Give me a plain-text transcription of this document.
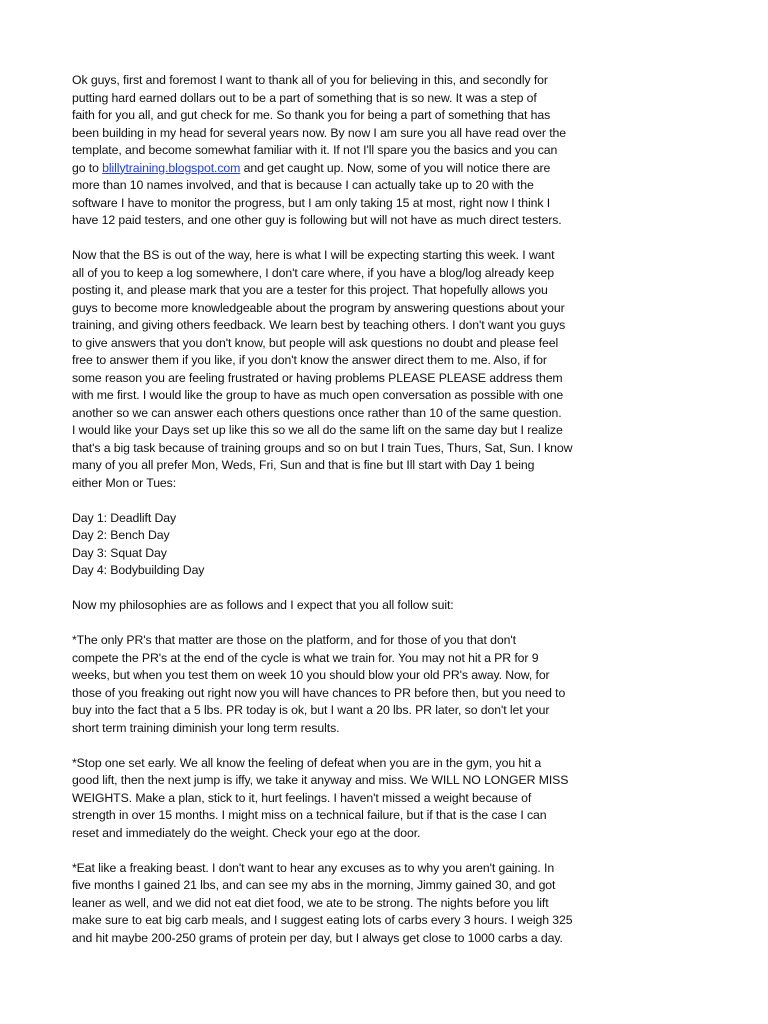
Ok guys, first and foremost I want to thank all of you for believing in this, and secondly for
putting hard earned dollars out to be a part of something that is so new. It was a step of
faith for you all, and gut check for me. So thank you for being a part of something that has
been building in my head for several years now. By now I am sure you all have read over the
template, and become somewhat familiar with it. If not I'll spare you the basics and you can
go to blillytraining.blogspot.com and get caught up. Now, some of you will notice there are
more than 10 names involved, and that is because I can actually take up to 20 with the
software I have to monitor the progress, but I am only taking 15 at most, right now I think I
have 12 paid testers, and one other guy is following but will not have as much direct testers.
Now that the BS is out of the way, here is what I will be expecting starting this week. I want
all of you to keep a log somewhere, I don't care where, if you have a blog/log already keep
posting it, and please mark that you are a tester for this project. That hopefully allows you
guys to become more knowledgeable about the program by answering questions about your
training, and giving others feedback. We learn best by teaching others. I don't want you guys
to give answers that you don't know, but people will ask questions no doubt and please feel
free to answer them if you like, if you don't know the answer direct them to me. Also, if for
some reason you are feeling frustrated or having problems PLEASE PLEASE address them
with me first. I would like the group to have as much open conversation as possible with one
another so we can answer each others questions once rather than 10 of the same question.
I would like your Days set up like this so we all do the same lift on the same day but I realize
that's a big task because of training groups and so on but I train Tues, Thurs, Sat, Sun. I know
many of you all prefer Mon, Weds, Fri, Sun and that is fine but Ill start with Day 1 being
either Mon or Tues:
Day 1: Deadlift Day
Day 2: Bench Day
Day 3: Squat Day
Day 4: Bodybuilding Day
Now my philosophies are as follows and I expect that you all follow suit:
*The only PR's that matter are those on the platform, and for those of you that don't
compete the PR's at the end of the cycle is what we train for. You may not hit a PR for 9
weeks, but when you test them on week 10 you should blow your old PR's away. Now, for
those of you freaking out right now you will have chances to PR before then, but you need to
buy into the fact that a 5 lbs. PR today is ok, but I want a 20 lbs. PR later, so don't let your
short term training diminish your long term results.
*Stop one set early. We all know the feeling of defeat when you are in the gym, you hit a
good lift, then the next jump is iffy, we take it anyway and miss. We WILL NO LONGER MISS
WEIGHTS. Make a plan, stick to it, hurt feelings. I haven't missed a weight because of
strength in over 15 months. I might miss on a technical failure, but if that is the case I can
reset and immediately do the weight. Check your ego at the door.
*Eat like a freaking beast. I don't want to hear any excuses as to why you aren't gaining. In
five months I gained 21 lbs, and can see my abs in the morning, Jimmy gained 30, and got
leaner as well, and we did not eat diet food, we ate to be strong. The nights before you lift
make sure to eat big carb meals, and I suggest eating lots of carbs every 3 hours. I weigh 325
and hit maybe 200-250 grams of protein per day, but I always get close to 1000 carbs a day.
